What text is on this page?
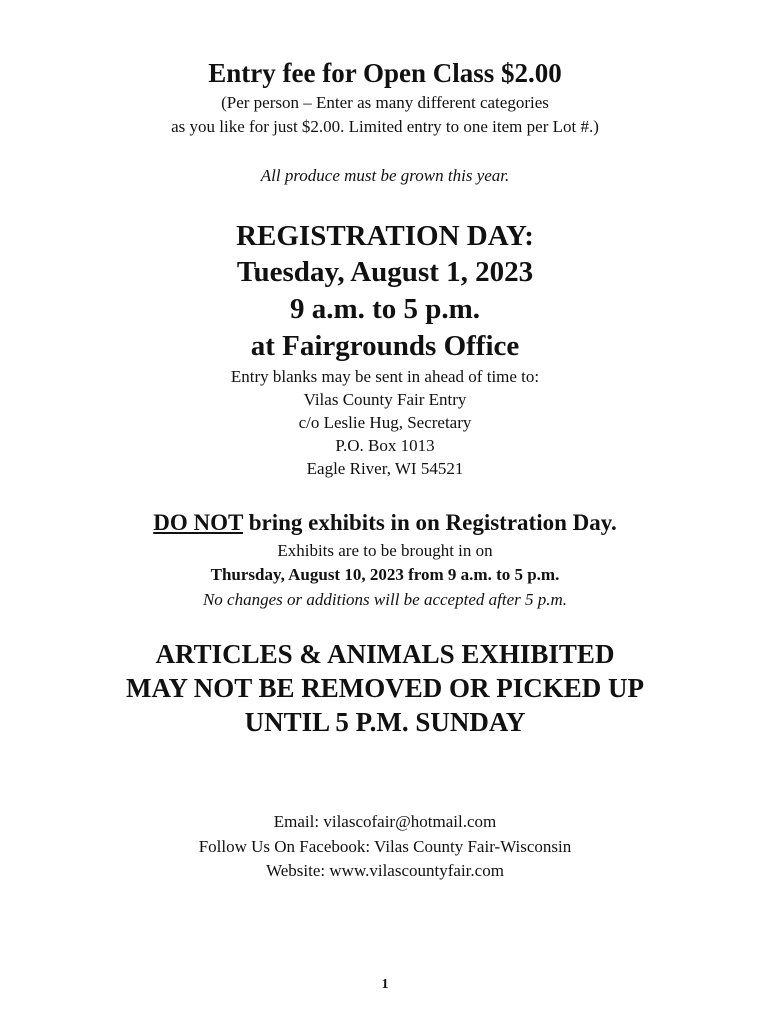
Entry fee for Open Class $2.00
(Per person – Enter as many different categories
as you like for just $2.00. Limited entry to one item per Lot #.)
All produce must be grown this year.
REGISTRATION DAY:
Tuesday, August 1, 2023
9 a.m. to 5 p.m.
at Fairgrounds Office
Entry blanks may be sent in ahead of time to:
Vilas County Fair Entry
c/o Leslie Hug, Secretary
P.O. Box 1013
Eagle River, WI 54521
DO NOT bring exhibits in on Registration Day.
Exhibits are to be brought in on
Thursday, August 10, 2023 from 9 a.m. to 5 p.m.
No changes or additions will be accepted after 5 p.m.
ARTICLES & ANIMALS EXHIBITED
MAY NOT BE REMOVED OR PICKED UP
UNTIL 5 P.M. SUNDAY
Email: vilascofair@hotmail.com
Follow Us On Facebook: Vilas County Fair-Wisconsin
Website: www.vilascountyfair.com
1
